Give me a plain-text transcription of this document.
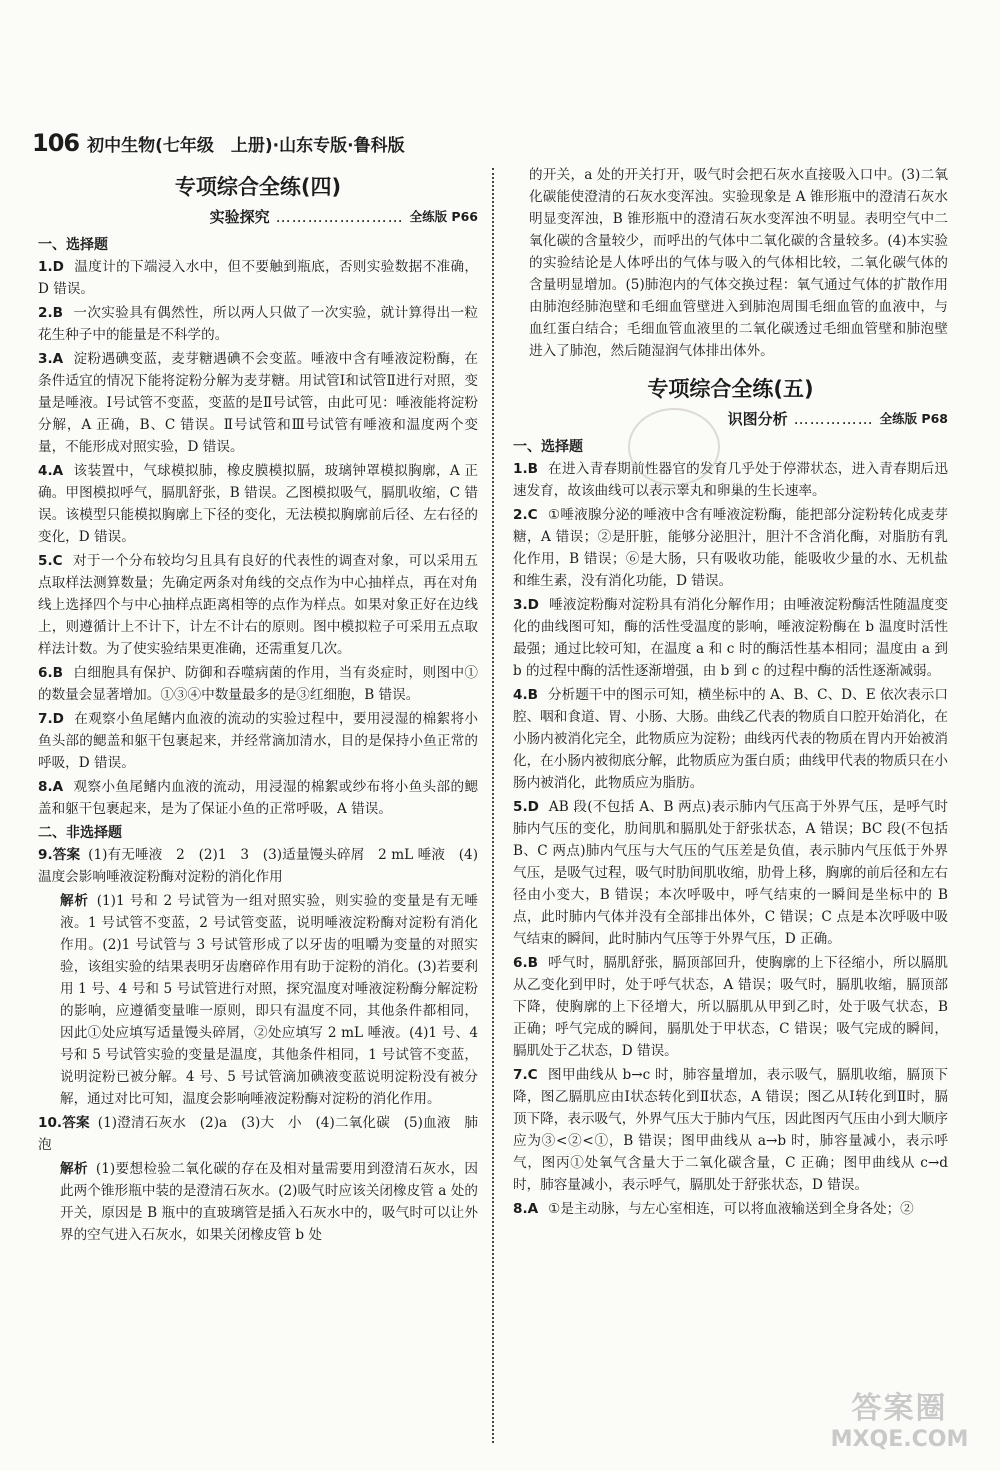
106 初中生物(七年级　上册)·山东专版·鲁科版
专项综合全练(四)
实验探究 …………………… 全练版 P66
一、选择题
1.D 温度计的下端浸入水中，但不要触到瓶底，否则实验数据不准确，D 错误。
2.B 一次实验具有偶然性，所以两人只做了一次实验，就计算得出一粒花生种子中的能量是不科学的。
3.A 淀粉遇碘变蓝，麦芽糖遇碘不会变蓝。唾液中含有唾液淀粉酶，在条件适宜的情况下能将淀粉分解为麦芽糖。用试管Ⅰ和试管Ⅱ进行对照，变量是唾液。Ⅰ号试管不变蓝，变蓝的是Ⅱ号试管，由此可见：唾液能将淀粉分解，A 正确，B、C 错误。Ⅱ号试管和Ⅲ号试管有唾液和温度两个变量，不能形成对照实验，D 错误。
4.A 该装置中，气球模拟肺，橡皮膜模拟膈，玻璃钟罩模拟胸廓，A 正确。甲图模拟呼气，膈肌舒张，B 错误。乙图模拟吸气，膈肌收缩，C 错误。该模型只能模拟胸廓上下径的变化，无法模拟胸廓前后径、左右径的变化，D 错误。
5.C 对于一个分布较均匀且具有良好的代表性的调查对象，可以采用五点取样法测算数量；先确定两条对角线的交点作为中心抽样点，再在对角线上选择四个与中心抽样点距离相等的点作为样点。如果对象正好在边线上，则遵循计上不计下，计左不计右的原则。图中模拟粒子可采用五点取样法计数。为了使实验结果更准确，还需重复几次。
6.B 白细胞具有保护、防御和吞噬病菌的作用，当有炎症时，则图中①的数量会显著增加。①③④中数量最多的是③红细胞，B 错误。
7.D 在观察小鱼尾鳍内血液的流动的实验过程中，要用浸湿的棉絮将小鱼头部的鳃盖和躯干包裹起来，并经常滴加清水，目的是保持小鱼正常的呼吸，D 错误。
8.A 观察小鱼尾鳍内血液的流动，用浸湿的棉絮或纱布将小鱼头部的鳃盖和躯干包裹起来，是为了保证小鱼的正常呼吸，A 错误。
二、非选择题
9.答案 (1)有无唾液　2　(2)1　3　(3)适量馒头碎屑　2 mL 唾液　(4)温度会影响唾液淀粉酶对淀粉的消化作用
解析 (1)1 号和 2 号试管为一组对照实验，则实验的变量是有无唾液。1 号试管不变蓝，2 号试管变蓝，说明唾液淀粉酶对淀粉有消化作用。(2)1 号试管与 3 号试管形成了以牙齿的咀嚼为变量的对照实验，该组实验的结果表明牙齿磨碎作用有助于淀粉的消化。(3)若要利用 1 号、4 号和 5 号试管进行对照，探究温度对唾液淀粉酶分解淀粉的影响，应遵循变量唯一原则，即只有温度不同，其他条件都相同，因此①处应填写适量馒头碎屑，②处应填写 2 mL 唾液。(4)1 号、4 号和 5 号试管实验的变量是温度，其他条件相同，1 号试管不变蓝，说明淀粉已被分解。4 号、5 号试管滴加碘液变蓝说明淀粉没有被分解，通过对比可知，温度会影响唾液淀粉酶对淀粉的消化作用。
10.答案 (1)澄清石灰水　(2)a　(3)大　小　(4)二氧化碳　(5)血液　肺泡
解析 (1)要想检验二氧化碳的存在及相对量需要用到澄清石灰水，因此两个锥形瓶中装的是澄清石灰水。(2)吸气时应该关闭橡皮管 a 处的开关，原因是 B 瓶中的直玻璃管是插入石灰水中的，吸气时可以让外界的空气进入石灰水，如果关闭橡皮管 b 处
的开关，a 处的开关打开，吸气时会把石灰水直接吸入口中。(3)二氧化碳能使澄清的石灰水变浑浊。实验现象是 A 锥形瓶中的澄清石灰水明显变浑浊，B 锥形瓶中的澄清石灰水变浑浊不明显。表明空气中二氧化碳的含量较少，而呼出的气体中二氧化碳的含量较多。(4)本实验的实验结论是人体呼出的气体与吸入的气体相比较，二氧化碳气体的含量明显增加。(5)肺泡内的气体交换过程：氧气通过气体的扩散作用由肺泡经肺泡壁和毛细血管壁进入到肺泡周围毛细血管的血液中，与血红蛋白结合；毛细血管血液里的二氧化碳透过毛细血管壁和肺泡壁进入了肺泡，然后随湿润气体排出体外。
专项综合全练(五)
识图分析 …………… 全练版 P68
一、选择题
1.B 在进入青春期前性器官的发育几乎处于停滞状态，进入青春期后迅速发育，故该曲线可以表示睾丸和卵巢的生长速率。
2.C ①唾液腺分泌的唾液中含有唾液淀粉酶，能把部分淀粉转化成麦芽糖，A 错误；②是肝脏，能够分泌胆汁，胆汁不含消化酶，对脂肪有乳化作用，B 错误；⑥是大肠，只有吸收功能，能吸收少量的水、无机盐和维生素，没有消化功能，D 错误。
3.D 唾液淀粉酶对淀粉具有消化分解作用；由唾液淀粉酶活性随温度变化的曲线图可知，酶的活性受温度的影响，唾液淀粉酶在 b 温度时活性最强；通过比较可知，在温度 a 和 c 时的酶活性基本相同；温度由 a 到 b 的过程中酶的活性逐渐增强，由 b 到 c 的过程中酶的活性逐渐减弱。
4.B 分析题干中的图示可知，横坐标中的 A、B、C、D、E 依次表示口腔、咽和食道、胃、小肠、大肠。曲线乙代表的物质自口腔开始消化，在小肠内被消化完全，此物质应为淀粉；曲线丙代表的物质在胃内开始被消化，在小肠内被彻底分解，此物质应为蛋白质；曲线甲代表的物质只在小肠内被消化，此物质应为脂肪。
5.D AB 段(不包括 A、B 两点)表示肺内气压高于外界气压，是呼气时肺内气压的变化，肋间肌和膈肌处于舒张状态，A 错误；BC 段(不包括 B、C 两点)肺内气压与大气压的气压差是负值，表示肺内气压低于外界气压，是吸气过程，吸气时肋间肌收缩，肋骨上移，胸廓的前后径和左右径由小变大，B 错误；本次呼吸中，呼气结束的一瞬间是坐标中的 B 点，此时肺内气体并没有全部排出体外，C 错误；C 点是本次呼吸中吸气结束的瞬间，此时肺内气压等于外界气压，D 正确。
6.B 呼气时，膈肌舒张，膈顶部回升，使胸廓的上下径缩小，所以膈肌从乙变化到甲时，处于呼气状态，A 错误；吸气时，膈肌收缩，膈顶部下降，使胸廓的上下径增大，所以膈肌从甲到乙时，处于吸气状态，B 正确；呼气完成的瞬间，膈肌处于甲状态，C 错误；吸气完成的瞬间，膈肌处于乙状态，D 错误。
7.C 图甲曲线从 b→c 时，肺容量增加，表示吸气，膈肌收缩，膈顶下降，图乙膈肌应由Ⅰ状态转化到Ⅱ状态，A 错误；图乙从Ⅰ转化到Ⅱ时，膈顶下降，表示吸气，外界气压大于肺内气压，因此图丙气压由小到大顺序应为③<②<①，B 错误；图甲曲线从 a→b 时，肺容量减小，表示呼气，图丙①处氧气含量大于二氧化碳含量，C 正确；图甲曲线从 c→d 时，肺容量减小，表示呼气，膈肌处于舒张状态，D 错误。
8.A ①是主动脉，与左心室相连，可以将血液输送到全身各处；②
答案圈
MXQE.COM
